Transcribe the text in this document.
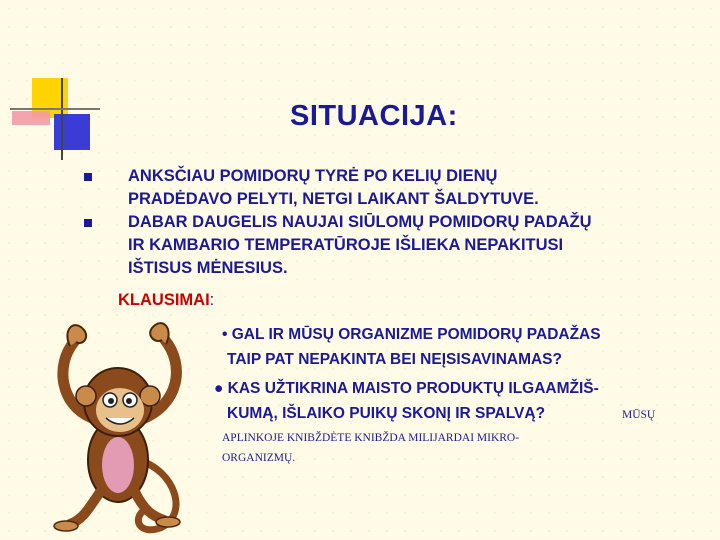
SITUACIJA:
ANKSČIAU POMIDORŲ TYRĖ PO KELIŲ DIENŲ
PRADĖDAVO PELYTI, NETGI LAIKANT ŠALDYTUVE.
DABAR DAUGELIS NAUJAI SIŪLOMŲ POMIDORŲ PADAŽŲ
IR KAMBARIO TEMPERATŪROJE IŠLIEKA NEPAKITUSI
IŠTISUS MĖNESIUS.
KLAUSIMAI:
• GAL IR MŪSŲ ORGANIZME POMIDORŲ PADAŽAS
TAIP PAT NEPAKINTA BEI NEĮSISAVINAMAS?
● KAS UŽTIKRINA MAISTO PRODUKTŲ ILGAAMŽIŠ-
KUMĄ, IŠLAIKO PUIKŲ SKONĮ IR SPALVĄ?	MŪSŲ
APLINKOJE KNIBŽDĖTE KNIBŽDA MILIJARDAI MIKRO-
ORGANIZMŲ.
